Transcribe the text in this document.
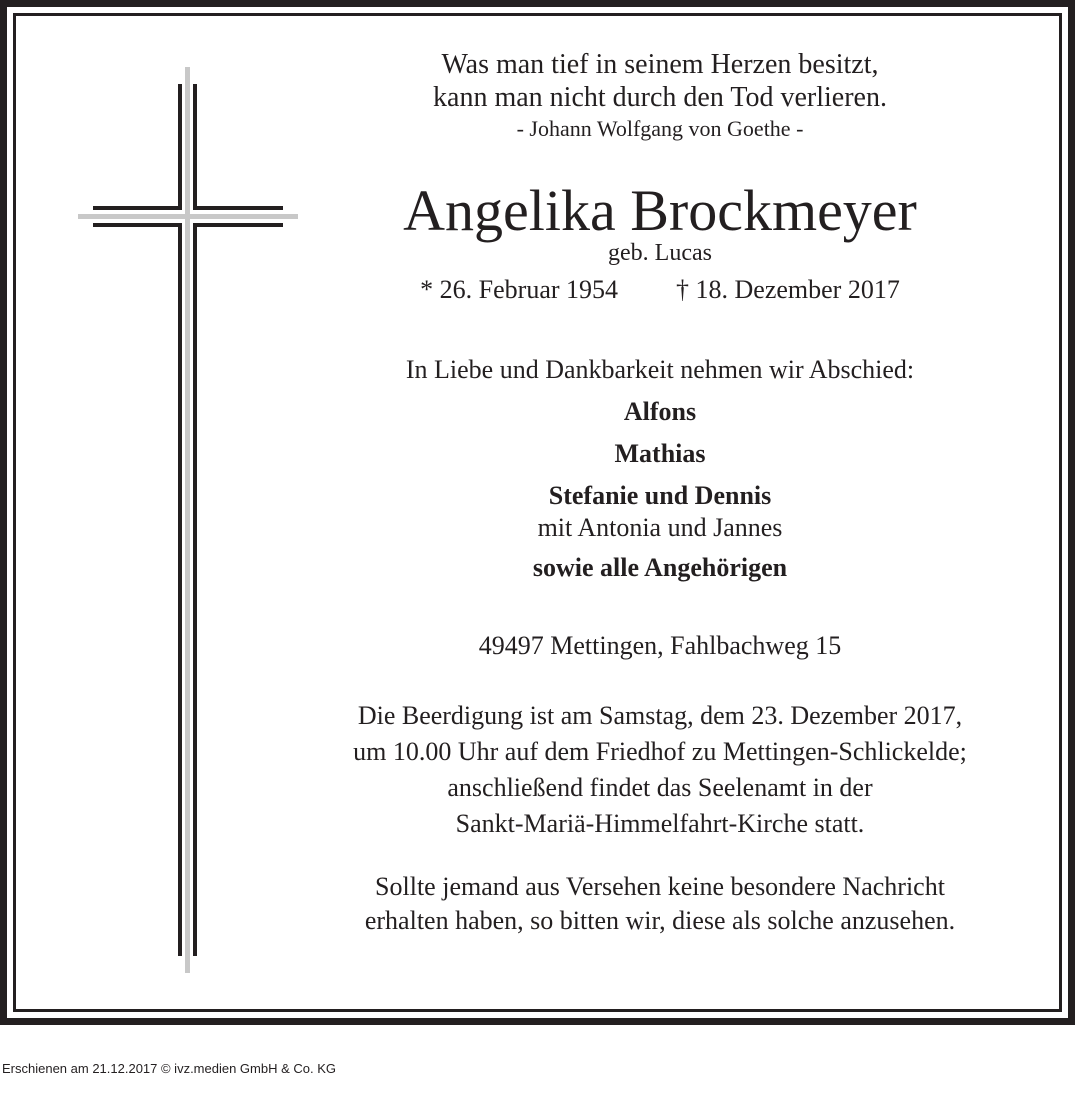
Was man tief in seinem Herzen besitzt,
kann man nicht durch den Tod verlieren.
- Johann Wolfgang von Goethe -
Angelika Brockmeyer
geb. Lucas
* 26. Februar 1954 † 18. Dezember 2017
In Liebe und Dankbarkeit nehmen wir Abschied:
Alfons
Mathias
Stefanie und Dennis
mit Antonia und Jannes
sowie alle Angehörigen
49497 Mettingen, Fahlbachweg 15
Die Beerdigung ist am Samstag, dem 23. Dezember 2017,
um 10.00 Uhr auf dem Friedhof zu Mettingen-Schlickelde;
anschließend findet das Seelenamt in der
Sankt-Mariä-Himmelfahrt-Kirche statt.
Sollte jemand aus Versehen keine besondere Nachricht
erhalten haben, so bitten wir, diese als solche anzusehen.
Erschienen am 21.12.2017 © ivz.medien GmbH & Co. KG
